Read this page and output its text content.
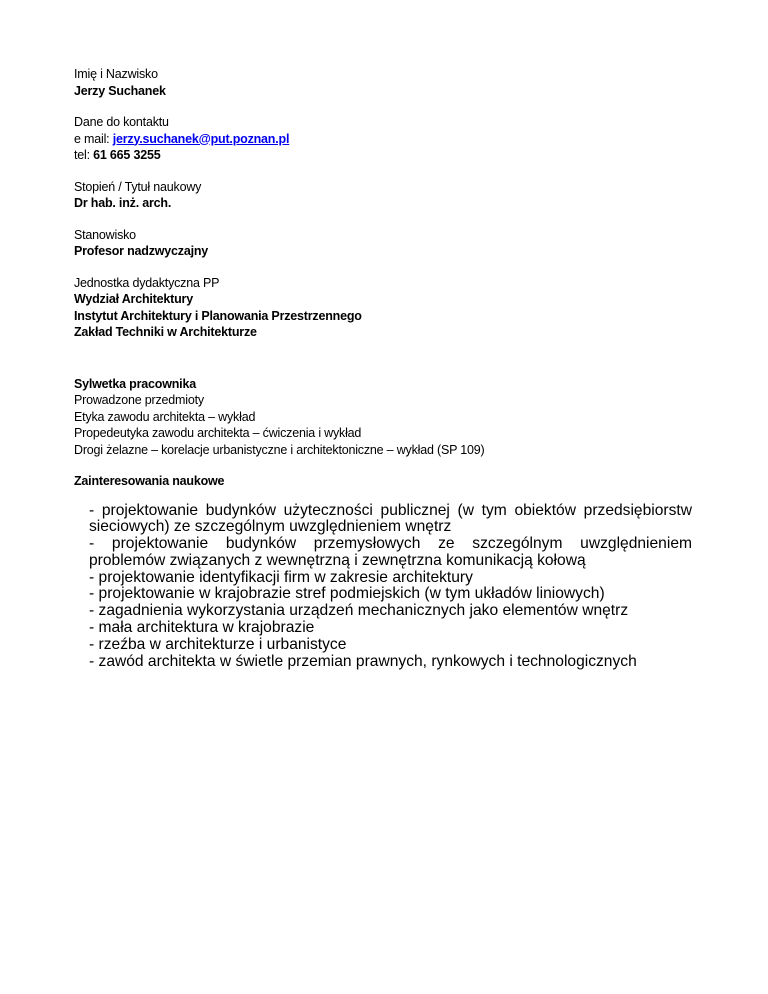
Imię i Nazwisko
Jerzy Suchanek
Dane do kontaktu
e mail: jerzy.suchanek@put.poznan.pl
tel: 61 665 3255
Stopień / Tytuł naukowy
Dr hab. inż. arch.
Stanowisko
Profesor nadzwyczajny
Jednostka dydaktyczna PP
Wydział Architektury
Instytut Architektury i Planowania Przestrzennego
Zakład Techniki w Architekturze
Sylwetka pracownika
Prowadzone przedmioty
Etyka zawodu architekta – wykład
Propedeutyka zawodu architekta – ćwiczenia i wykład
Drogi żelazne – korelacje urbanistyczne i architektoniczne – wykład (SP 109)
Zainteresowania naukowe
- projektowanie budynków użyteczności publicznej (w tym obiektów przedsiębiorstw sieciowych) ze szczególnym uwzględnieniem wnętrz
- projektowanie budynków przemysłowych ze szczególnym uwzględnieniem problemów związanych z wewnętrzną i zewnętrzna komunikacją kołową
- projektowanie identyfikacji firm w zakresie architektury
- projektowanie w krajobrazie stref podmiejskich (w tym układów liniowych)
- zagadnienia wykorzystania urządzeń mechanicznych jako elementów wnętrz
- mała architektura w krajobrazie
- rzeźba w architekturze i urbanistyce
- zawód architekta w świetle przemian prawnych, rynkowych i technologicznych
